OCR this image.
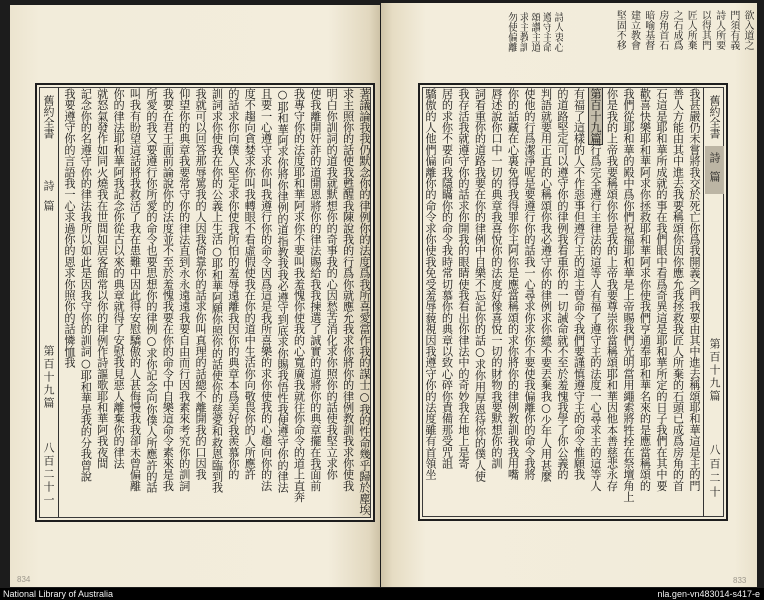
舊約全書
詩篇
第百十九篇
八百二十一	著議論我我仍默念你的律例你的法度爲我所喜愛當作我的謀士○我的性命幾乎歸於塵埃
求主照你的話使我甦醒我陳說我的行爲你就應允我求你將你的律例教訓我求你使我
明白你訓詞的道我就默想你的奇事我的心因愁苦消化求你照你的話使我堅立求你
使我離開奸詐的道開恩將你的律法賜給我我揀選了誠實的道將你的典章擺在我面前
我專守你的法度耶和華阿求你不要叫我羞愧你使我的心寬廣我就往你命令的道上直奔
○耶和華阿求你將你律例的道指教我我必遵守到底求你賜我悟性我便遵守你的律法
且要一心遵守求你叫我遵行你的命令因爲這是我所喜樂的求你使我的心趨向你的法
度不趨向貪婪求你叫我轉眼不看虛假使我在你的道中生活你向敬畏你的人所應許
的話求你向僕人堅定求你使我所怕的羞辱遠離我因你的典章本爲美好我羨慕你的
訓詞求你使我在你的公義上生活○耶和華阿願你照你的話使你的慈愛和救恩臨到我
我就可以回答那辱罵我的人因我倚靠你的話求你叫真理的話總不離開我的口因我
仰望你的典章我要常守你的律法直到永永遠遠我要自由而行因我素來考究你的訓詞
我要在君王面前論說你的法度並不至於羞愧我要在你的命令中自樂這命令素來是我
所愛的我又要遵行你所愛的命令也要思想你的律例○求你記念向你僕人所應許的話
叫我有盼望這話將我救活了我在患難中因此得安慰驕傲的人甚侮慢我我卻未曾偏離
你的律法耶和華阿我記念你從古以來的典章就得了安慰我見惡人離棄你的律法
就怒氣發作如同火燒我在世間如居客館常以你的律例作詩謳歌耶和華阿我夜間
記念你的名遵守你的律法我所以如此是因我守你的訓詞○耶和華是我的分我曾說
我要遵守你的言語我一心求過你的恩求你照你的話憐恤我
834
欲入道之
門須有義
詩人所要
以得其門
匠人所棄
之石成爲
房角首石
暗喻基督
建立教會
堅固不移
詩人衷心
遵守主命
頌讚主道
求主教訓
勿使偏離
舊約全書
詩篇
第百十九篇
八百二十
我甚嚴仍未嘗將我交於死亡你爲我開義之門我要由其中進去稱頌耶和華這是主的門
善人方能由其中進去我要稱頌你因你應允我拯救我匠人所棄的石頭已成爲房角的首
石這是耶和華所成就的事在我們眼中看爲奇異這是耶和華所定的日子我們在其中要
歡喜快樂耶和華阿求你拯救耶和華阿求你使我們亨通奉耶和華名來的是應當稱頌的
我們從耶和華的殿中爲你們祝福耶和華是上帝賜我們光明當用繩索將牲拴在祭壇角上
你是我的上帝我要稱頌你你是我的上帝我要尊崇你當稱頌耶和華因他本善慈悲永存
第百十九篇行爲完全遵行主律法的這等人有福了遵守主的法度一心尋求主的這等人
有福了這樣的人不作惡事但遵行主的道主曾命令我們要謹慎遵守主的命令惟願我
的道路堅定可以遵守你的律例我看重你的一切誡命就不至於羞愧我學了你公義的
判語就要用正直的心稱頌你我必遵守你的律例求你總不要丟棄我○少年人用甚麼
使他的行爲潔淨呢是要遵行你的話我一心尋求你求你不要使我偏離你的命令我將
你的話藏在心裏免得我得罪你主阿你是應當稱頌的求你將你的律例教訓我我用嘴
唇述說你口中一切的典章我喜悅你的法度好像喜悅一切的財物我要默想你的訓
詞看重你的道路我要在你的律例中自樂不忘記你的話○求你用厚恩待你的僕人使
我存活我就遵守你的話求你開我的眼睛使我看出你律法中的奇妙我在地上是寄
居的求你不要向我隱瞞你的命令我時常切慕你的典章以致心碎你責備那受咒詛
驕傲的人他們偏離你的命令求你使我免受羞辱藐視因我遵守你的法度雖有首領坐
833
National Library of Australia	nla.gen-vn483014-s417-e
